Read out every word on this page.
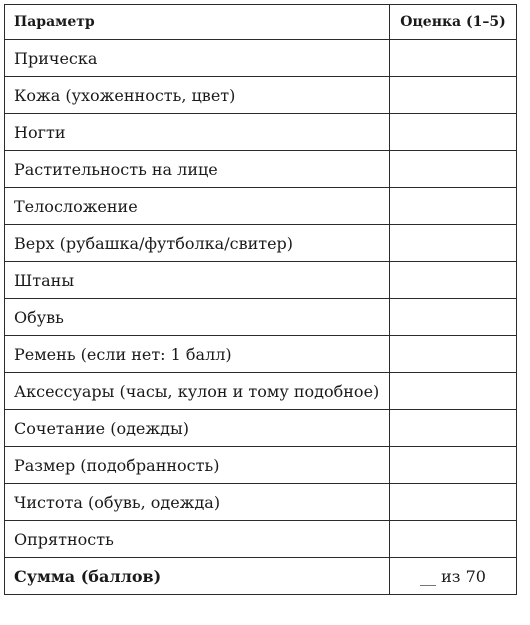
Параметр	Оценка (1–5)
Прическа	
Кожа (ухоженность, цвет)	
Ногти	
Растительность на лице	
Телосложение	
Верх (рубашка/футболка/свитер)	
Штаны	
Обувь	
Ремень (если нет: 1 балл)	
Аксессуары (часы, кулон и тому подобное)	
Сочетание (одежды)	
Размер (подобранность)	
Чистота (обувь, одежда)	
Опрятность	
Сумма (баллов)	__ из 70
